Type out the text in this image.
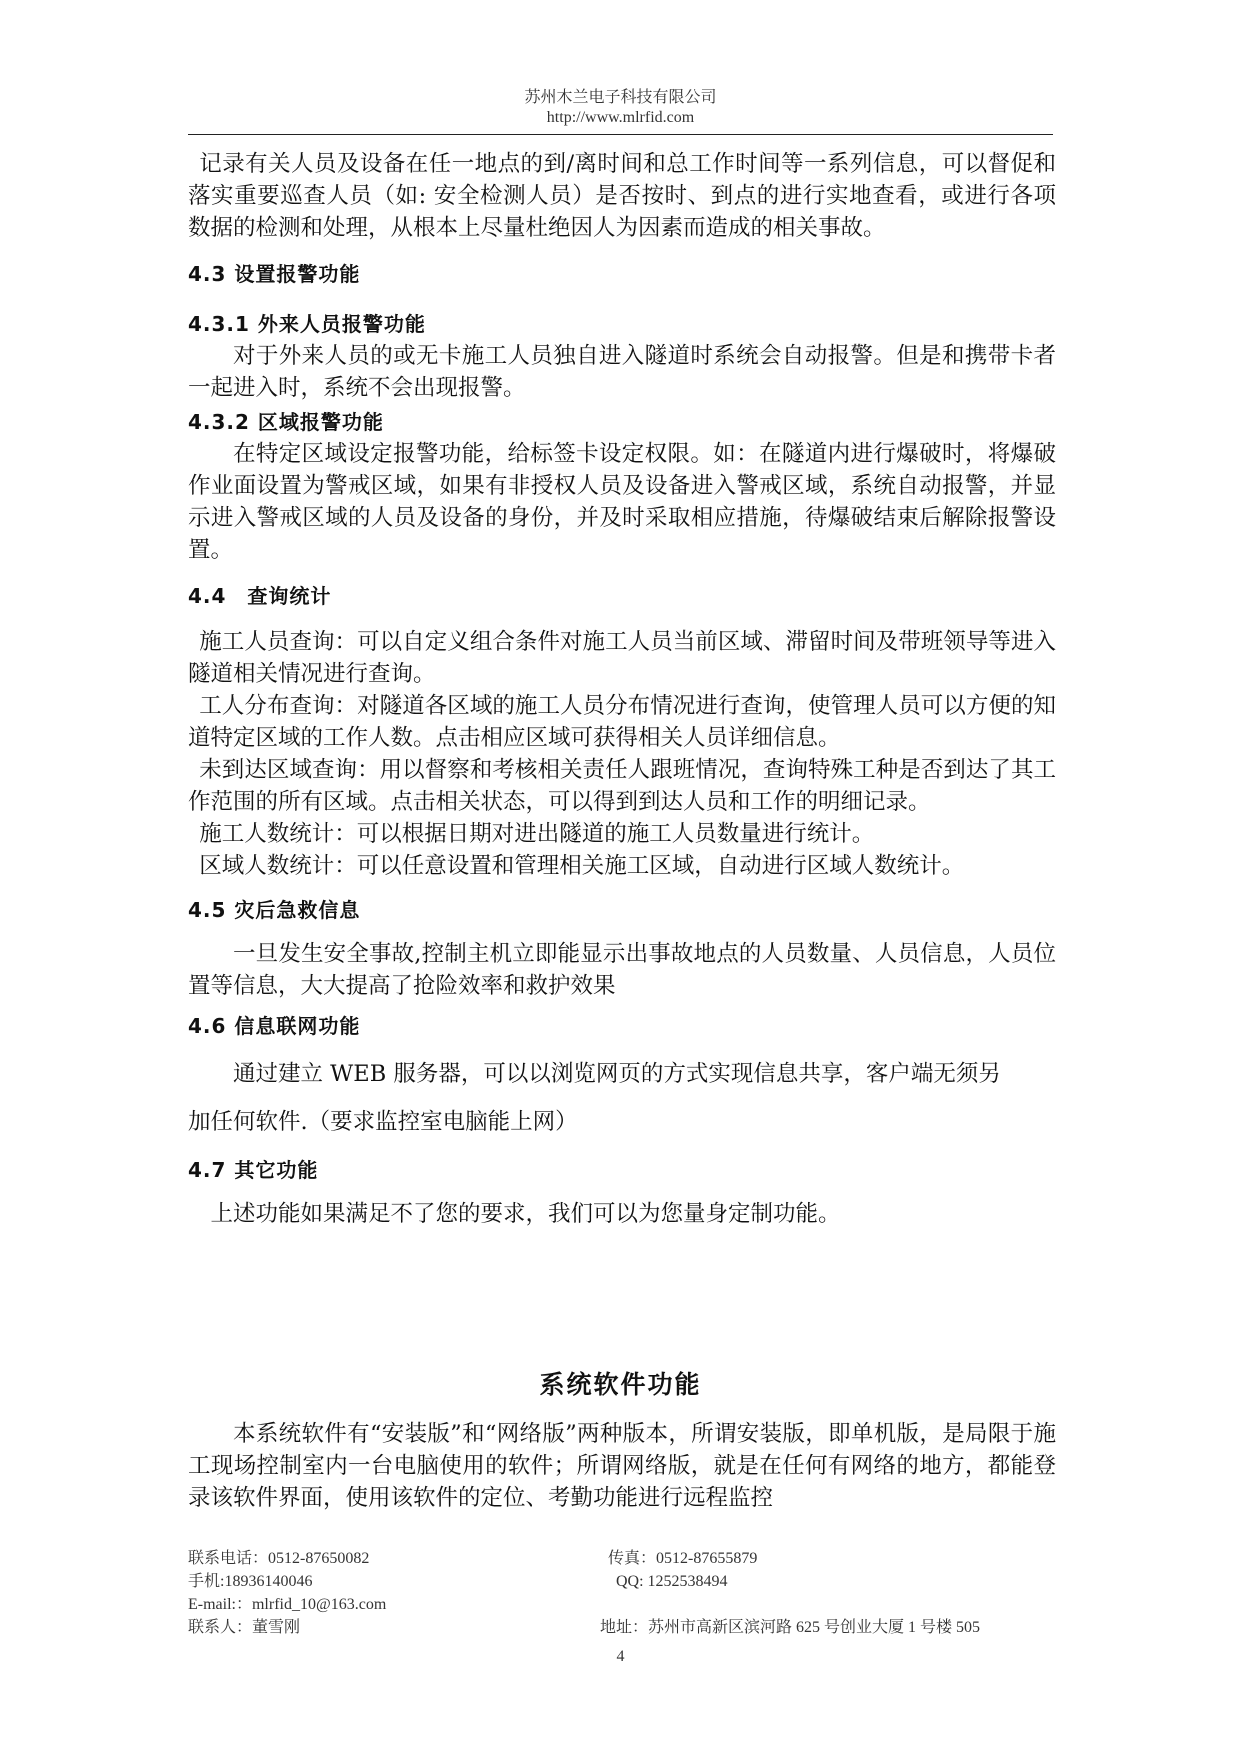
苏州木兰电子科技有限公司
http://www.mlrfid.com

记录有关人员及设备在任一地点的到/离时间和总工作时间等一系列信息，可以督促和落实重要巡查人员（如: 安全检测人员）是否按时、到点的进行实地查看，或进行各项数据的检测和处理，从根本上尽量杜绝因人为因素而造成的相关事故。

4.3 设置报警功能

4.3.1 外来人员报警功能

对于外来人员的或无卡施工人员独自进入隧道时系统会自动报警。但是和携带卡者一起进入时，系统不会出现报警。

4.3.2 区域报警功能

在特定区域设定报警功能，给标签卡设定权限。如：在隧道内进行爆破时，将爆破作业面设置为警戒区域，如果有非授权人员及设备进入警戒区域，系统自动报警，并显示进入警戒区域的人员及设备的身份，并及时采取相应措施，待爆破结束后解除报警设置。

4.4　查询统计

施工人员查询：可以自定义组合条件对施工人员当前区域、滞留时间及带班领导等进入隧道相关情况进行查询。

工人分布查询：对隧道各区域的施工人员分布情况进行查询，使管理人员可以方便的知道特定区域的工作人数。点击相应区域可获得相关人员详细信息。

未到达区域查询：用以督察和考核相关责任人跟班情况，查询特殊工种是否到达了其工作范围的所有区域。点击相关状态，可以得到到达人员和工作的明细记录。

施工人数统计：可以根据日期对进出隧道的施工人员数量进行统计。

区域人数统计：可以任意设置和管理相关施工区域，自动进行区域人数统计。

4.5 灾后急救信息

一旦发生安全事故,控制主机立即能显示出事故地点的人员数量、人员信息，人员位置等信息，大大提高了抢险效率和救护效果

4.6 信息联网功能

通过建立 WEB 服务器，可以以浏览网页的方式实现信息共享，客户端无须另

加任何软件.（要求监控室电脑能上网）

4.7 其它功能

上述功能如果满足不了您的要求，我们可以为您量身定制功能。

系统软件功能

本系统软件有“安装版”和“网络版”两种版本，所谓安装版，即单机版，是局限于施工现场控制室内一台电脑使用的软件；所谓网络版，就是在任何有网络的地方，都能登录该软件界面，使用该软件的定位、考勤功能进行远程监控

联系电话：0512-87650082
手机:18936140046
E-mail:：mlrfid_10@163.com
联系人：董雪刚
传真：0512-87655879
QQ: 1252538494
地址：苏州市高新区滨河路 625 号创业大厦 1 号楼 505
4
